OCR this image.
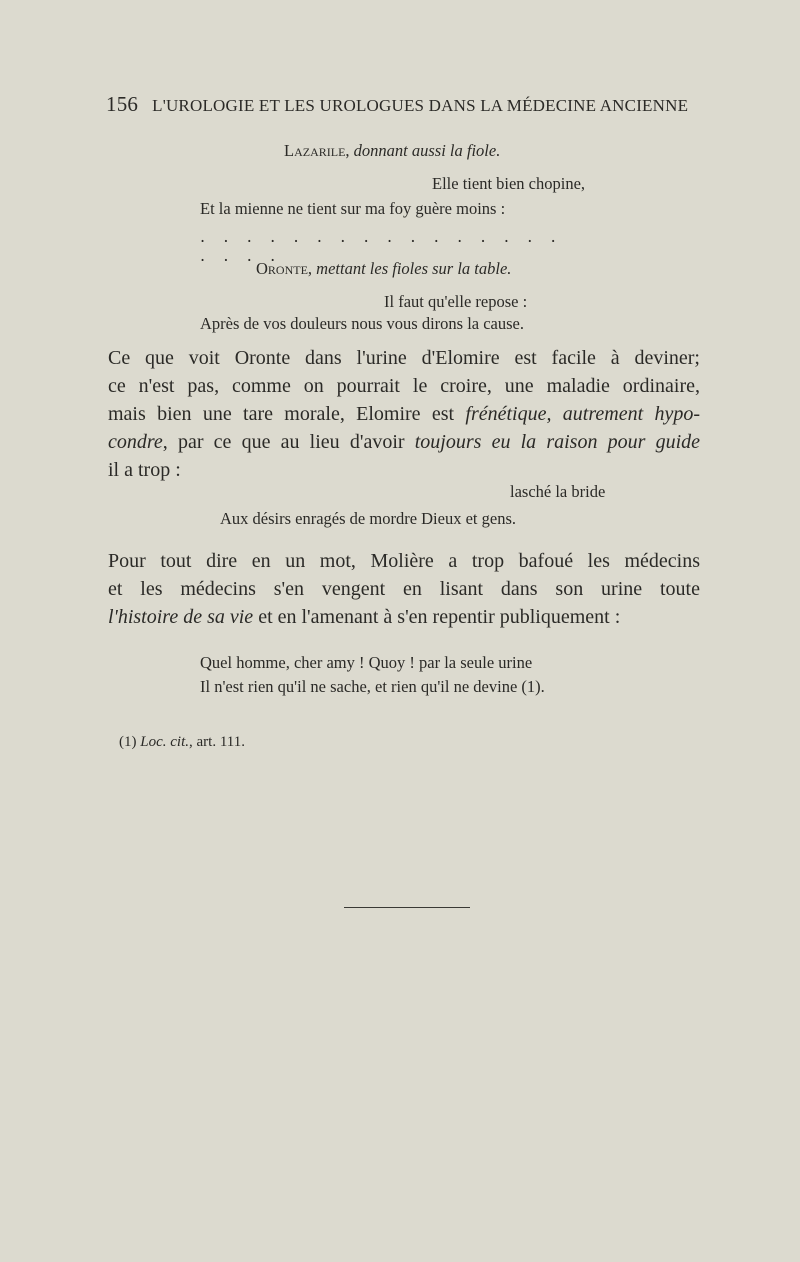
156 L'UROLOGIE ET LES UROLOGUES DANS LA MÉDECINE ANCIENNE
Lazarile, donnant aussi la fiole.
Elle tient bien chopine,
Et la mienne ne tient sur ma foy guère moins :
. . . . . . . . . . . . . . . . . . . .
Oronte, mettant les fioles sur la table.
Il faut qu'elle repose :
Après de vos douleurs nous vous dirons la cause.
Ce que voit Oronte dans l'urine d'Elomire est facile à deviner;
ce n'est pas, comme on pourrait le croire, une maladie ordinaire,
mais bien une tare morale, Elomire est frénétique, autrement hypo-
condre, par ce que au lieu d'avoir toujours eu la raison pour guide
il a trop :
lasché la bride
Aux désirs enragés de mordre Dieux et gens.
Pour tout dire en un mot, Molière a trop bafoué les médecins
et les médecins s'en vengent en lisant dans son urine toute
l'histoire de sa vie et en l'amenant à s'en repentir publiquement :
Quel homme, cher amy ! Quoy ! par la seule urine
Il n'est rien qu'il ne sache, et rien qu'il ne devine (1).
(1) Loc. cit., art. 111.
